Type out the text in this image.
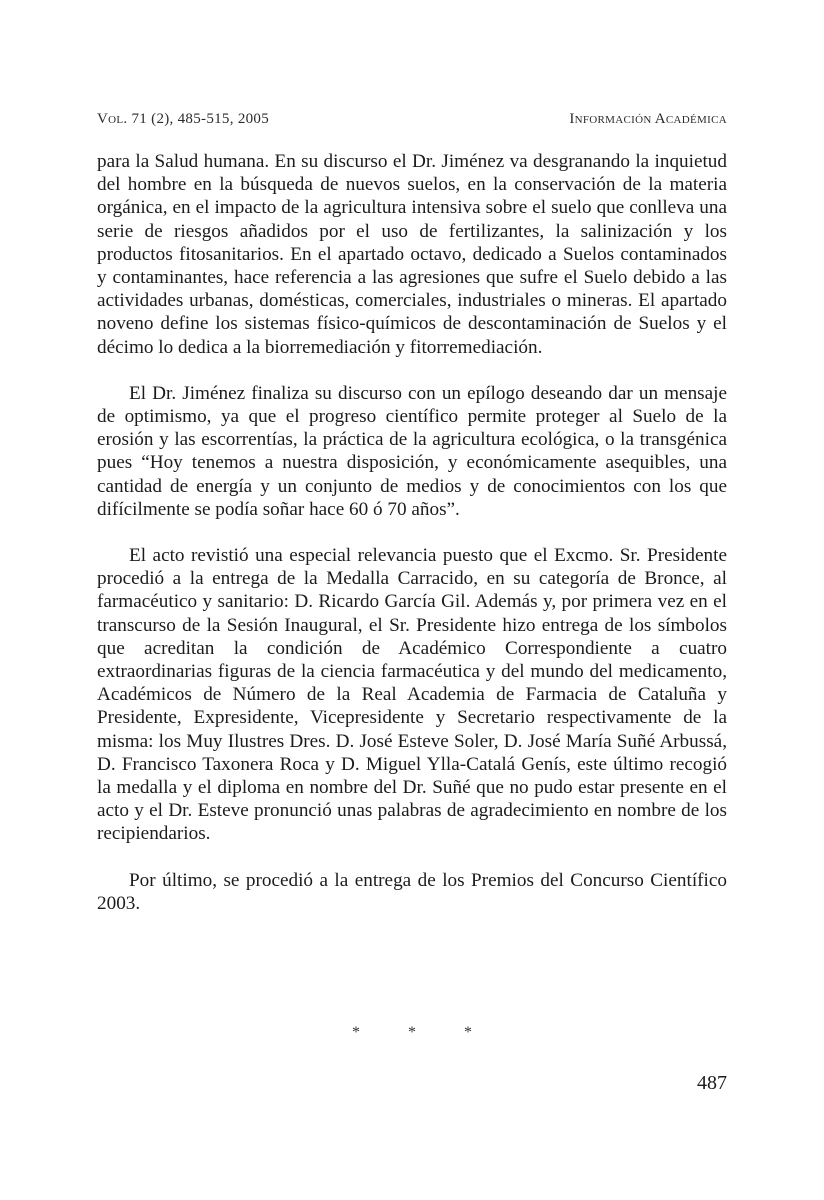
Vol. 71 (2), 485-515, 2005	Información Académica

para la Salud humana. En su discurso el Dr. Jiménez va desgranando la inquietud del hombre en la búsqueda de nuevos suelos, en la conservación de la materia orgánica, en el impacto de la agricultura intensiva sobre el suelo que conlleva una serie de riesgos añadidos por el uso de fertilizantes, la salinización y los productos fitosanitarios. En el apartado octavo, dedicado a Suelos contaminados y contaminantes, hace referencia a las agresiones que sufre el Suelo debido a las actividades urbanas, domésticas, comerciales, industriales o mineras. El apartado noveno define los sistemas físico-químicos de descontaminación de Suelos y el décimo lo dedica a la biorremediación y fitorremediación.

El Dr. Jiménez finaliza su discurso con un epílogo deseando dar un mensaje de optimismo, ya que el progreso científico permite proteger al Suelo de la erosión y las escorrentías, la práctica de la agricultura ecológica, o la transgénica pues “Hoy tenemos a nuestra disposición, y económicamente asequibles, una cantidad de energía y un conjunto de medios y de conocimientos con los que difícilmente se podía soñar hace 60 ó 70 años”.

El acto revistió una especial relevancia puesto que el Excmo. Sr. Presidente procedió a la entrega de la Medalla Carracido, en su categoría de Bronce, al farmacéutico y sanitario: D. Ricardo García Gil. Además y, por primera vez en el transcurso de la Sesión Inaugural, el Sr. Presidente hizo entrega de los símbolos que acreditan la condición de Académico Correspondiente a cuatro extraordinarias figuras de la ciencia farmacéutica y del mundo del medicamento, Académicos de Número de la Real Academia de Farmacia de Cataluña y Presidente, Expresidente, Vicepresidente y Secretario respectivamente de la misma: los Muy Ilustres Dres. D. José Esteve Soler, D. José María Suñé Arbussá, D. Francisco Taxonera Roca y D. Miguel Ylla-Catalá Genís, este último recogió la medalla y el diploma en nombre del Dr. Suñé que no pudo estar presente en el acto y el Dr. Esteve pronunció unas palabras de agradecimiento en nombre de los recipiendarios.

Por último, se procedió a la entrega de los Premios del Concurso Científico 2003.

* * *
487
